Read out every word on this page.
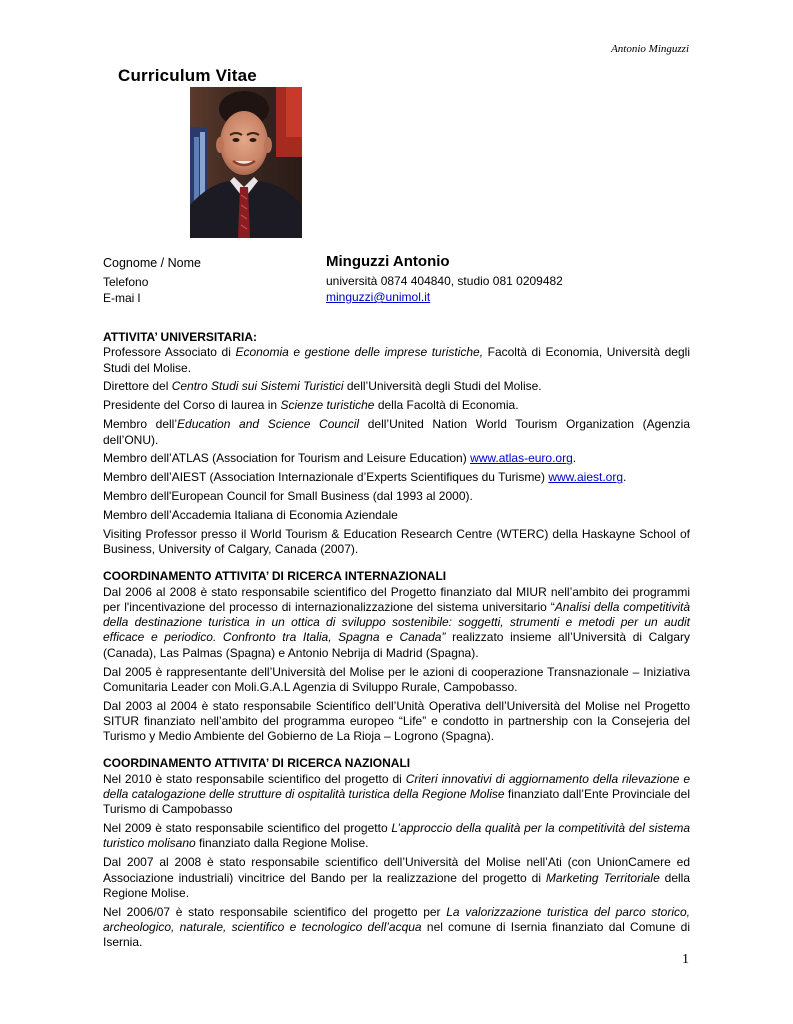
Antonio Minguzzi
Curriculum Vitae
Cognome / Nome	Minguzzi Antonio
Telefono	università 0874 404840, studio 081 0209482
E-mai l	minguzzi@unimol.it
ATTIVITA’ UNIVERSITARIA:

Professore Associato di Economia e gestione delle imprese turistiche, Facoltà di Economia, Università degli Studi del Molise.

Direttore del Centro Studi sui Sistemi Turistici dell’Università degli Studi del Molise.

Presidente del Corso di laurea in Scienze turistiche della Facoltà di Economia.

Membro dell’Education and Science Council dell’United Nation World Tourism Organization (Agenzia dell’ONU).

Membro dell’ATLAS (Association for Tourism and Leisure Education) www.atlas-euro.org.

Membro dell’AIEST (Association Internazionale d’Experts Scientifiques du Turisme) www.aiest.org.

Membro dell'European Council for Small Business (dal 1993 al 2000).

Membro dell’Accademia Italiana di Economia Aziendale

Visiting Professor presso il World Tourism & Education Research Centre (WTERC) della Haskayne School of Business, University of Calgary, Canada (2007).

COORDINAMENTO ATTIVITA’ DI RICERCA INTERNAZIONALI

Dal 2006 al 2008 è stato responsabile scientifico del Progetto finanziato dal MIUR nell’ambito dei programmi per l'incentivazione del processo di internazionalizzazione del sistema universitario “Analisi della competitività della destinazione turistica in un ottica di sviluppo sostenibile: soggetti, strumenti e metodi per un audit efficace e periodico. Confronto tra Italia, Spagna e Canada” realizzato insieme all’Università di Calgary (Canada), Las Palmas (Spagna) e Antonio Nebrija di Madrid (Spagna).

Dal 2005 è rappresentante dell’Università del Molise per le azioni di cooperazione Transnazionale – Iniziativa Comunitaria Leader con Moli.G.A.L Agenzia di Sviluppo Rurale, Campobasso.

Dal 2003 al 2004 è stato responsabile Scientifico dell’Unità Operativa dell’Università del Molise nel Progetto SITUR finanziato nell’ambito del programma europeo “Life” e condotto in partnership con la Consejeria del Turismo y Medio Ambiente del Gobierno de La Rioja – Logrono (Spagna).

COORDINAMENTO ATTIVITA’ DI RICERCA NAZIONALI

Nel 2010 è stato responsabile scientifico del progetto di Criteri innovativi di aggiornamento della rilevazione e della catalogazione delle strutture di ospitalità turistica della Regione Molise finanziato dall’Ente Provinciale del Turismo di Campobasso

Nel 2009 è stato responsabile scientifico del progetto L’approccio della qualità per la competitività del sistema turistico molisano finanziato dalla Regione Molise.

Dal 2007 al 2008 è stato responsabile scientifico dell’Università del Molise nell’Ati (con UnionCamere ed Associazione industriali) vincitrice del Bando per la realizzazione del progetto di Marketing Territoriale della Regione Molise.

Nel 2006/07 è stato responsabile scientifico del progetto per La valorizzazione turistica del parco storico, archeologico, naturale, scientifico e tecnologico dell’acqua nel comune di Isernia finanziato dal Comune di Isernia.

1
